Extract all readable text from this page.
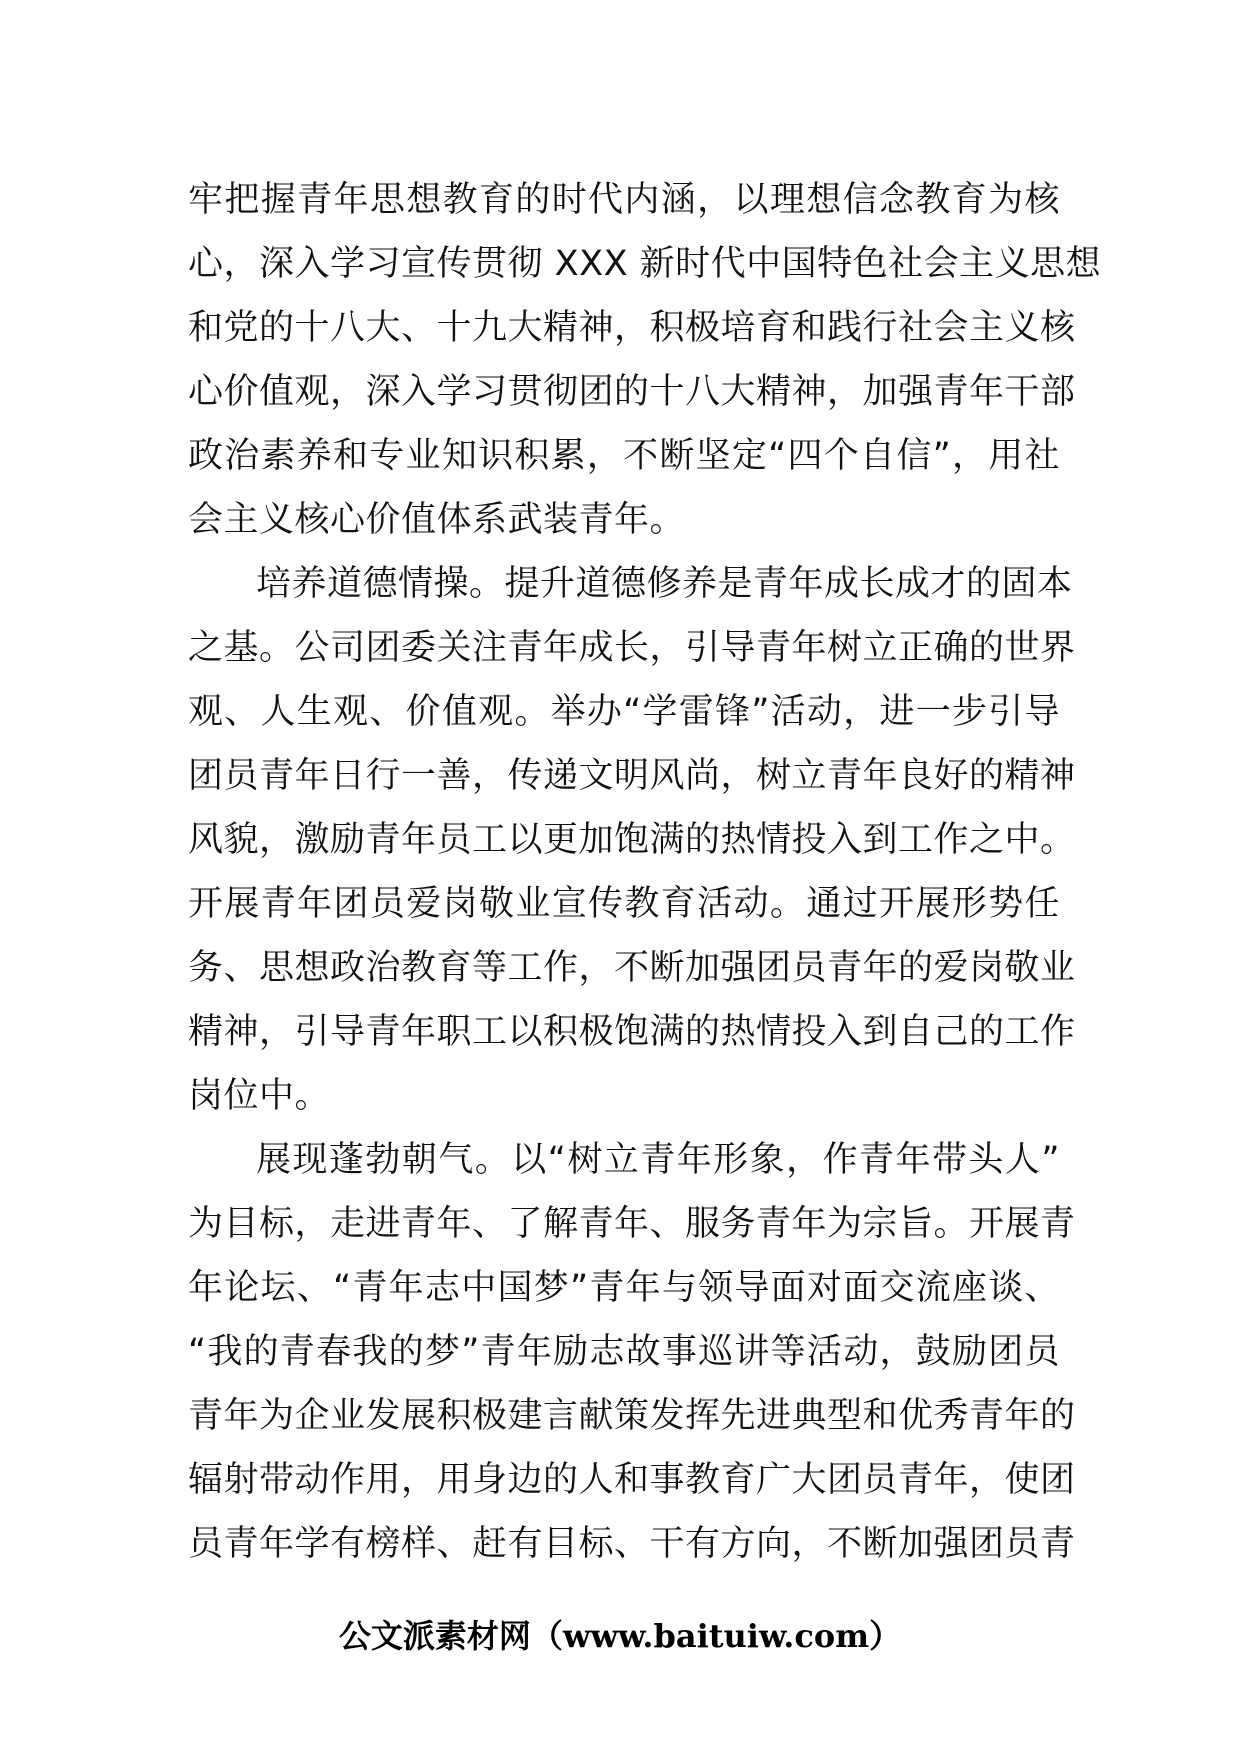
牢把握青年思想教育的时代内涵，以理想信念教育为核
心，深入学习宣传贯彻 XXX 新时代中国特色社会主义思想
和党的十八大、十九大精神，积极培育和践行社会主义核
心价值观，深入学习贯彻团的十八大精神，加强青年干部
政治素养和专业知识积累，不断坚定“四个自信”，用社
会主义核心价值体系武装青年。
培养道德情操。提升道德修养是青年成长成才的固本
之基。公司团委关注青年成长，引导青年树立正确的世界
观、人生观、价值观。举办“学雷锋”活动，进一步引导
团员青年日行一善，传递文明风尚，树立青年良好的精神
风貌，激励青年员工以更加饱满的热情投入到工作之中。
开展青年团员爱岗敬业宣传教育活动。通过开展形势任
务、思想政治教育等工作，不断加强团员青年的爱岗敬业
精神，引导青年职工以积极饱满的热情投入到自己的工作
岗位中。
展现蓬勃朝气。以“树立青年形象，作青年带头人”
为目标，走进青年、了解青年、服务青年为宗旨。开展青
年论坛、“青年志中国梦”青年与领导面对面交流座谈、
“我的青春我的梦”青年励志故事巡讲等活动，鼓励团员
青年为企业发展积极建言献策发挥先进典型和优秀青年的
辐射带动作用，用身边的人和事教育广大团员青年，使团
员青年学有榜样、赶有目标、干有方向，不断加强团员青
公文派素材网（www.baituiw.com）
